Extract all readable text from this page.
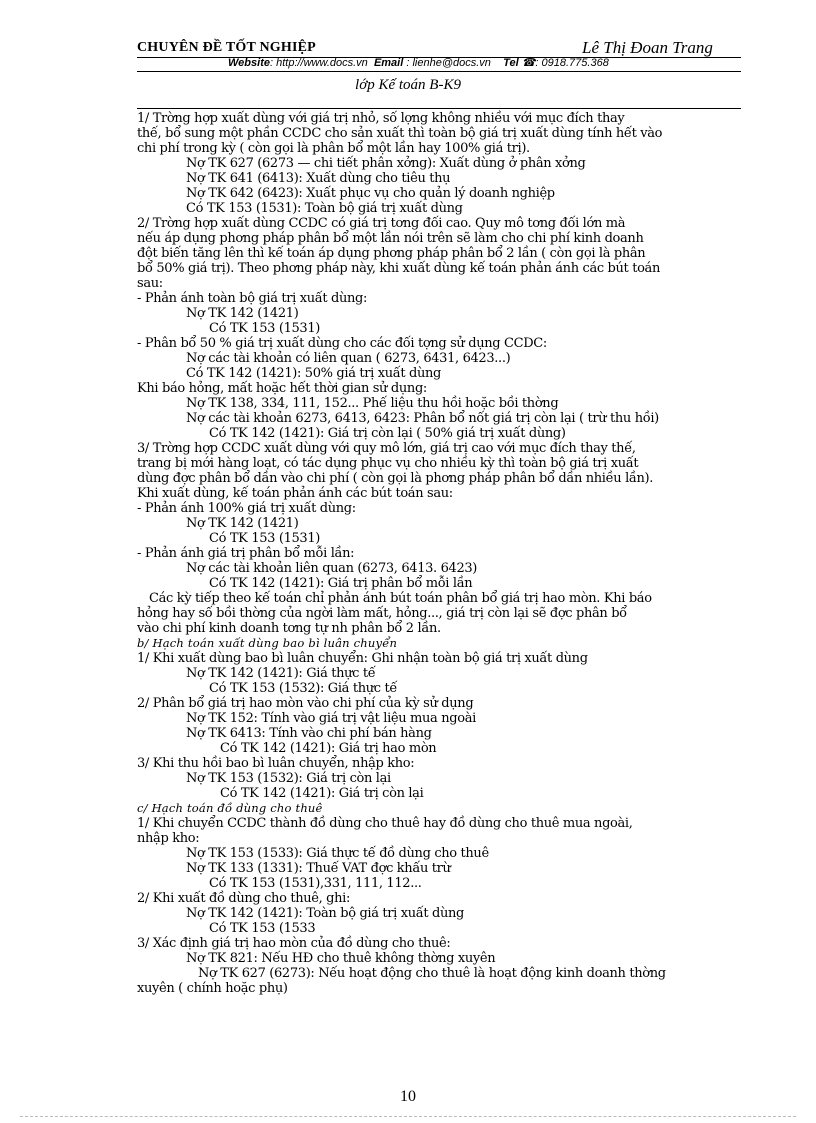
CHUYÊN ĐỀ TỐT NGHIỆP	Lê Thị Đoan Trang
Website: http://www.docs.vn Email : lienhe@docs.vn Tel ☎: 0918.775.368
lớp Kế toán B-K9

1/ Trờng hợp xuất dùng với giá trị nhỏ, số lợng không nhiều với mục đích thay

thế, bổ sung một phần CCDC cho sản xuất thì toàn bộ giá trị xuất dùng tính hết vào

chi phí trong kỳ ( còn gọi là phân bổ một lần hay 100% giá trị).

Nợ TK 627 (6273 — chi tiết phân xởng): Xuất dùng ở phân xởng

Nợ TK 641 (6413): Xuất dùng cho tiêu thụ

Nợ TK 642 (6423): Xuất phục vụ cho quản lý doanh nghiệp

Có TK 153 (1531): Toàn bộ giá trị xuất dùng

2/ Trờng hợp xuất dùng CCDC có giá trị tơng đối cao. Quy mô tơng đối lớn mà

nếu áp dụng phơng pháp phân bổ một lần nói trên sẽ làm cho chi phí kinh doanh

đột biến tăng lên thì kế toán áp dụng phơng pháp phân bổ 2 lần ( còn gọi là phân

bổ 50% giá trị). Theo phơng pháp này, khi xuất dùng kế toán phản ánh các bút toán

sau:

- Phản ánh toàn bộ giá trị xuất dùng:

Nợ TK 142 (1421)

Có TK 153 (1531)

- Phân bổ 50 % giá trị xuất dùng cho các đối tợng sử dụng CCDC:

Nợ các tài khoản có liên quan ( 6273, 6431, 6423...)

Có TK 142 (1421): 50% giá trị xuất dùng

Khi báo hỏng, mất hoặc hết thời gian sử dụng:

Nợ TK 138, 334, 111, 152... Phế liệu thu hồi hoặc bồi thờng

Nợ các tài khoản 6273, 6413, 6423: Phân bổ nốt giá trị còn lại ( trừ thu hồi)

Có TK 142 (1421): Giá trị còn lại ( 50% giá trị xuất dùng)

3/ Trờng hợp CCDC xuất dùng với quy mô lớn, giá trị cao với mục đích thay thế,

trang bị mới hàng loạt, có tác dụng phục vụ cho nhiều kỳ thì toàn bộ giá trị xuất

dùng đợc phân bổ dần vào chi phí ( còn gọi là phơng pháp phân bổ dần nhiều lần).

Khi xuất dùng, kế toán phản ánh các bút toán sau:

- Phản ánh 100% giá trị xuất dùng:

Nợ TK 142 (1421)

Có TK 153 (1531)

- Phản ánh giá trị phân bổ mỗi lần:

Nợ các tài khoản liên quan (6273, 6413. 6423)

Có TK 142 (1421): Giá trị phân bổ mỗi lần

Các kỳ tiếp theo kế toán chỉ phản ánh bút toán phân bổ giá trị hao mòn. Khi báo

hỏng hay số bồi thờng của ngời làm mất, hỏng..., giá trị còn lại sẽ đợc phân bổ

vào chi phí kinh doanh tơng tự nh phân bổ 2 lần.

b/ Hạch toán xuất dùng bao bì luân chuyển

1/ Khi xuất dùng bao bì luân chuyển: Ghi nhận toàn bộ giá trị xuất dùng

Nợ TK 142 (1421): Giá thực tế

Có TK 153 (1532): Giá thực tế

2/ Phân bổ giá trị hao mòn vào chi phí của kỳ sử dụng

Nợ TK 152: Tính vào giá trị vật liệu mua ngoài

Nợ TK 6413: Tính vào chi phí bán hàng

Có TK 142 (1421): Giá trị hao mòn

3/ Khi thu hồi bao bì luân chuyển, nhập kho:

Nợ TK 153 (1532): Giá trị còn lại

Có TK 142 (1421): Giá trị còn lại

c/ Hạch toán đồ dùng cho thuê

1/ Khi chuyển CCDC thành đồ dùng cho thuê hay đồ dùng cho thuê mua ngoài,

nhập kho:

Nợ TK 153 (1533): Giá thực tế đồ dùng cho thuê

Nợ TK 133 (1331): Thuế VAT đợc khấu trừ

Có TK 153 (1531),331, 111, 112...

2/ Khi xuất đồ dùng cho thuê, ghi:

Nợ TK 142 (1421): Toàn bộ giá trị xuất dùng

Có TK 153 (1533

3/ Xác định giá trị hao mòn của đồ dùng cho thuê:

Nợ TK 821: Nếu HĐ cho thuê không thờng xuyên

Nợ TK 627 (6273): Nếu hoạt động cho thuê là hoạt động kinh doanh thờng

xuyên ( chính hoặc phụ)

10
